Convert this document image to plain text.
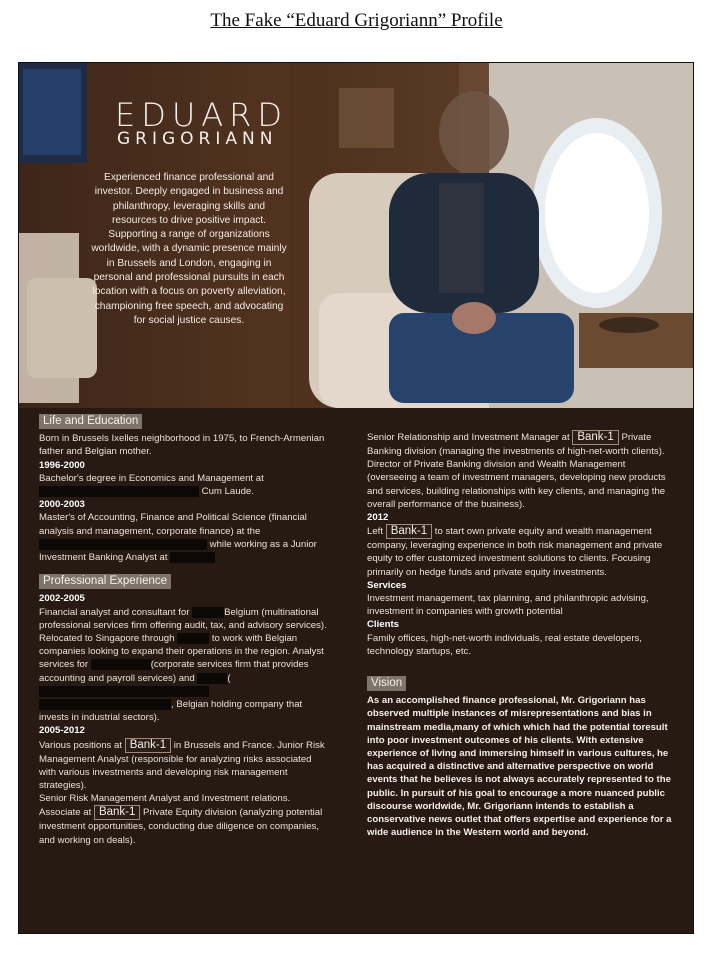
The Fake “Eduard Grigoriann” Profile
EDUARD
GRIGORIANN

Experienced finance professional and investor. Deeply engaged in business and philanthropy, leveraging skills and resources to drive positive impact. Supporting a range of organizations worldwide, with a dynamic presence mainly in Brussels and London, engaging in personal and professional pursuits in each location with a focus on poverty alleviation, championing free speech, and advocating for social justice causes.

Life and Education

Born in Brussels Ixelles neighborhood in 1975, to French-Armenian father and Belgian mother.

1996-2000

Bachelor's degree in Economics and Management at
Cum Laude.

2000-2003

Master's of Accounting, Finance and Political Science (financial analysis and management, corporate finance) at the  while working as a Junior Investment Banking Analyst at

Professional Experience

2002-2005

Financial analyst and consultant for	Belgium (multinational professional services firm offering audit, tax, and advisory services).

Relocated to Singapore through	to work with Belgian companies looking to expand their operations in the region. Analyst services for	(corporate services firm that provides accounting and payroll services) and	( , Belgian holding company that invests in industrial sectors).

2005-2012

Various positions at Bank-1 in Brussels and France. Junior Risk Management Analyst (responsible for analyzing risks associated with various investments and developing risk management strategies).

Senior Risk Management Analyst and Investment relations.

Associate at Bank-1 Private Equity division (analyzing potential investment opportunities, conducting due diligence on companies, and working on deals).

Senior Relationship and Investment Manager at Bank-1 Private Banking division (managing the investments of high-net-worth clients).

Director of Private Banking division and Wealth Management (overseeing a team of investment managers, developing new products and services, building relationships with key clients, and managing the overall performance of the business).

2012

Left Bank-1 to start own private equity and wealth management company, leveraging experience in both risk management and private equity to offer customized investment solutions to clients. Focusing primarily on hedge funds and private equity investments.

Services

Investment management, tax planning, and philanthropic advising, investment in companies with growth potential

Clients

Family offices, high-net-worth individuals, real estate developers, technology startups, etc.

Vision

As an accomplished finance professional, Mr. Grigoriann has observed multiple instances of misrepresentations and bias in mainstream media,many of which which had the potential toresult into poor investment outcomes of his clients. With extensive experience of living and immersing himself in various cultures, he has acquired a distinctive and alternative perspective on world events that he believes is not always accurately represented to the public. In pursuit of his goal to encourage a more nuanced public discourse worldwide, Mr. Grigoriann intends to establish a conservative news outlet that offers expertise and experience for a wide audience in the Western world and beyond.
